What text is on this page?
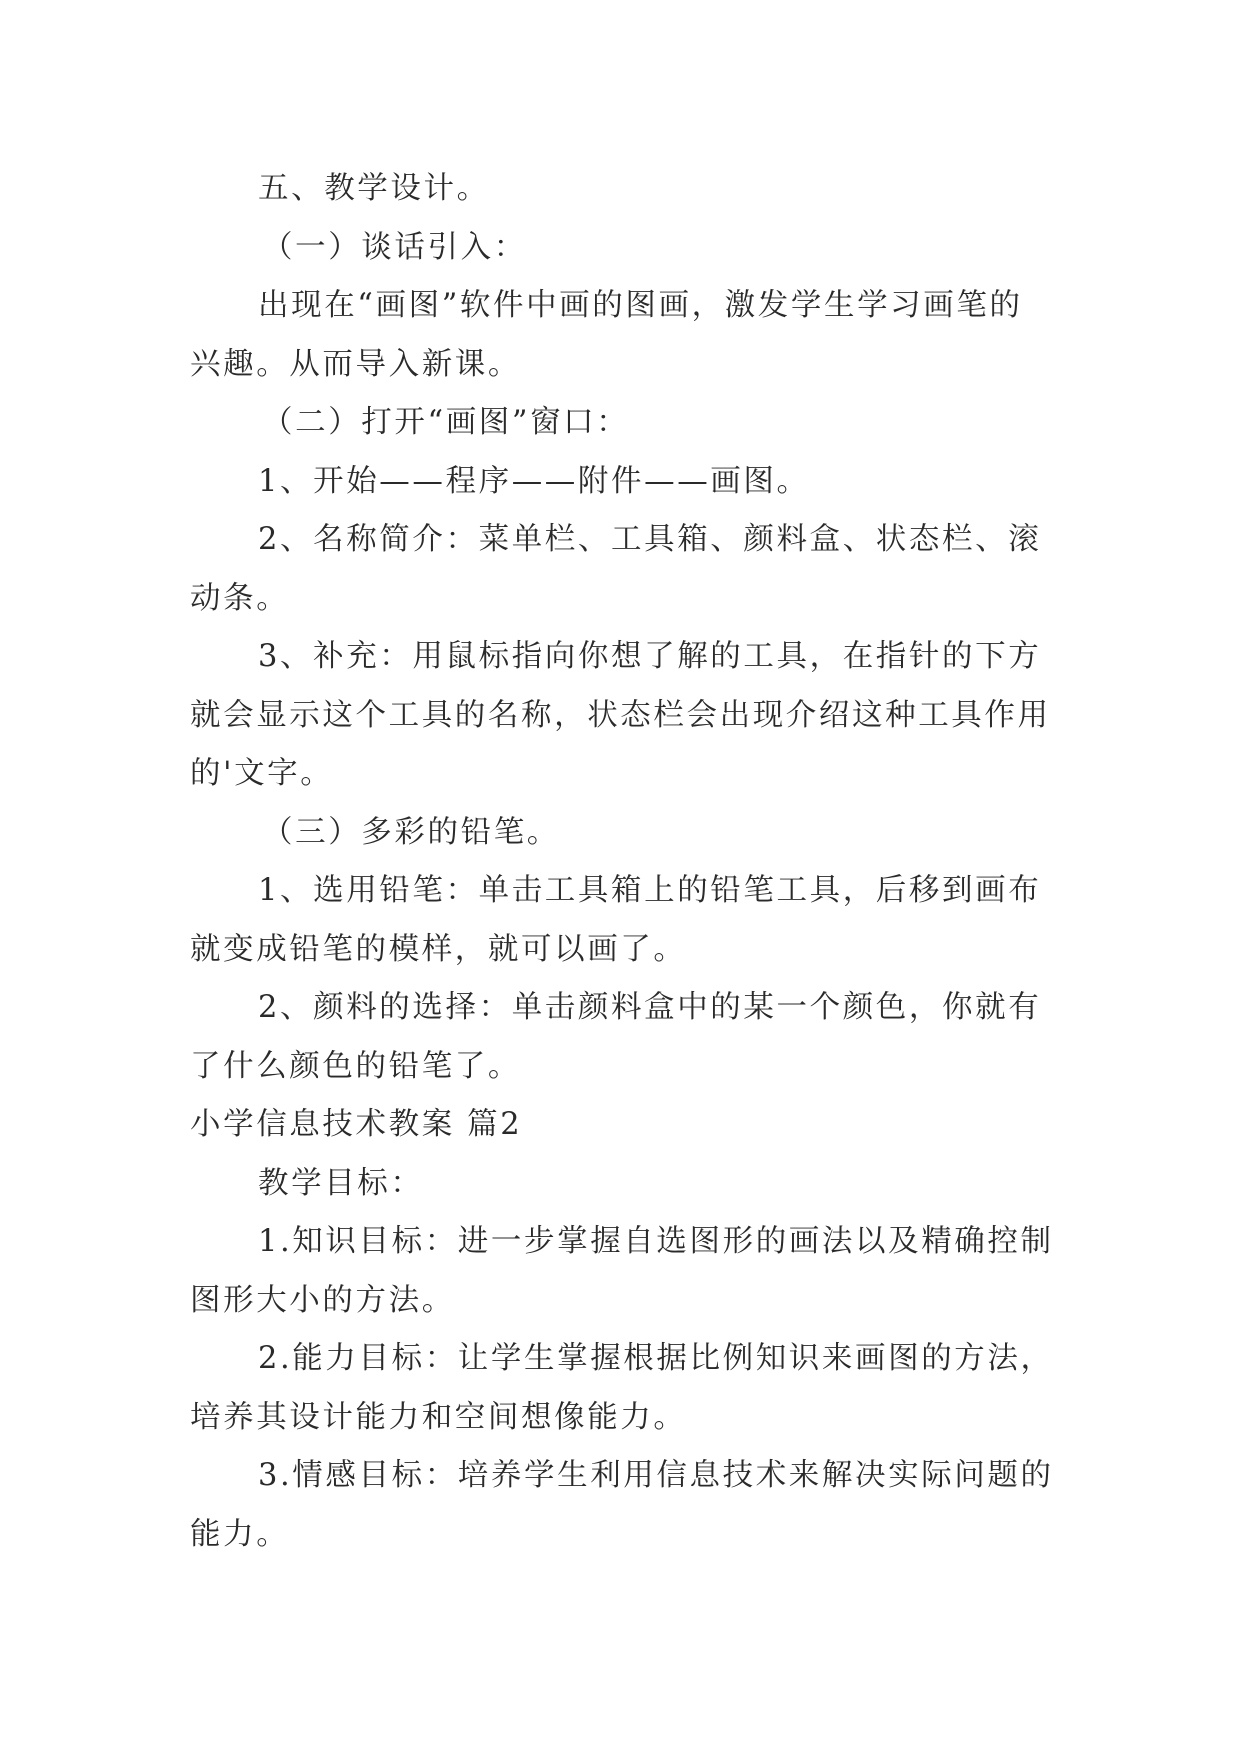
五、教学设计。
（一）谈话引入：
出现在“画图”软件中画的图画，激发学生学习画笔的
兴趣。从而导入新课。
（二）打开“画图”窗口：
1、开始——程序——附件——画图。
2、名称简介：菜单栏、工具箱、颜料盒、状态栏、滚
动条。
3、补充：用鼠标指向你想了解的工具，在指针的下方
就会显示这个工具的名称，状态栏会出现介绍这种工具作用
的'文字。
（三）多彩的铅笔。
1、选用铅笔：单击工具箱上的铅笔工具，后移到画布
就变成铅笔的模样，就可以画了。
2、颜料的选择：单击颜料盒中的某一个颜色，你就有
了什么颜色的铅笔了。
小学信息技术教案 篇2
教学目标：
1.知识目标：进一步掌握自选图形的画法以及精确控制
图形大小的方法。
2.能力目标：让学生掌握根据比例知识来画图的方法，
培养其设计能力和空间想像能力。
3.情感目标：培养学生利用信息技术来解决实际问题的
能力。
